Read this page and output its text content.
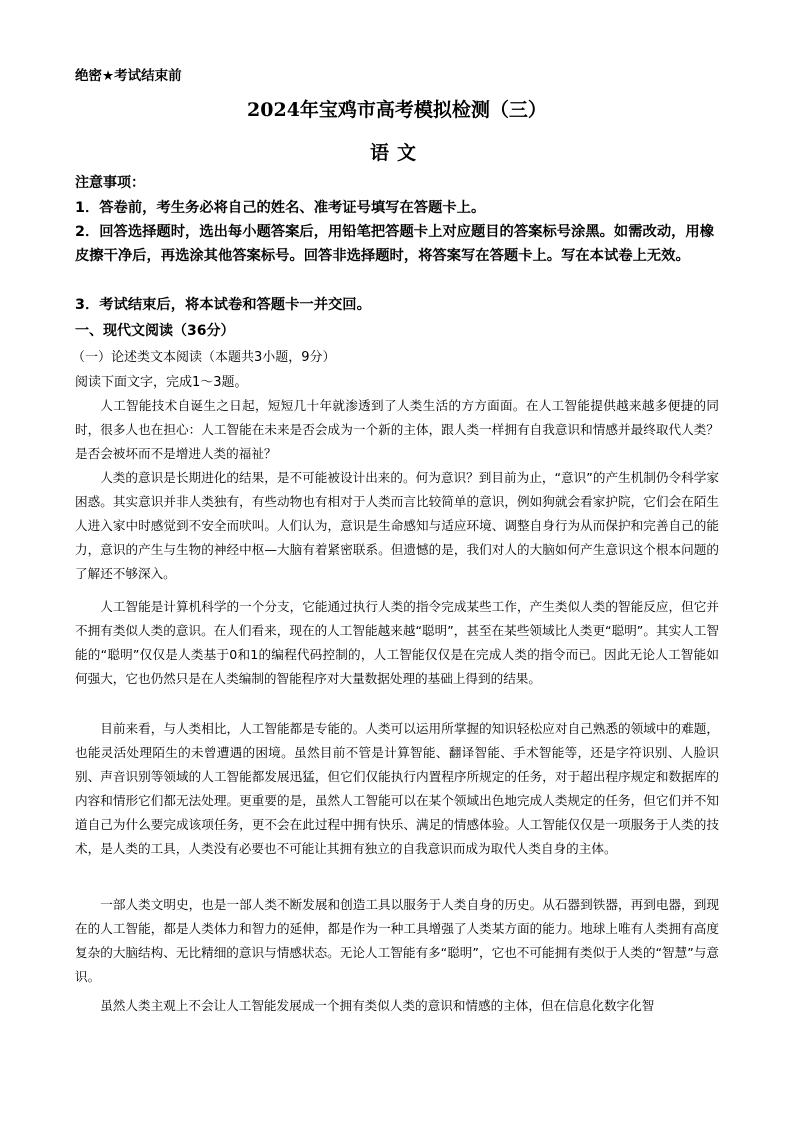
绝密★考试结束前
2024年宝鸡市高考模拟检测（三）
语文
注意事项：
1．答卷前，考生务必将自己的姓名、准考证号填写在答题卡上。
2．回答选择题时，选出每小题答案后，用铅笔把答题卡上对应题目的答案标号涂黑。如需改动，用橡皮擦干净后，再选涂其他答案标号。回答非选择题时，将答案写在答题卡上。写在本试卷上无效。
3．考试结束后，将本试卷和答题卡一并交回。
一、现代文阅读（36分）
（一）论述类文本阅读（本题共3小题，9分）
阅读下面文字，完成1～3题。

人工智能技术自诞生之日起，短短几十年就渗透到了人类生活的方方面面。在人工智能提供越来越多便捷的同时，很多人也在担心：人工智能在未来是否会成为一个新的主体，跟人类一样拥有自我意识和情感并最终取代人类？是否会被坏而不是增进人类的福祉？

人类的意识是长期进化的结果，是不可能被设计出来的。何为意识？到目前为止，“意识”的产生机制仍令科学家困惑。其实意识并非人类独有，有些动物也有相对于人类而言比较简单的意识，例如狗就会看家护院，它们会在陌生人进入家中时感觉到不安全而吠叫。人们认为，意识是生命感知与适应环境、调整自身行为从而保护和完善自己的能力，意识的产生与生物的神经中枢—大脑有着紧密联系。但遗憾的是，我们对人的大脑如何产生意识这个根本问题的了解还不够深入。

人工智能是计算机科学的一个分支，它能通过执行人类的指令完成某些工作，产生类似人类的智能反应，但它并不拥有类似人类的意识。在人们看来，现在的人工智能越来越“聪明”，甚至在某些领域比人类更“聪明”。其实人工智能的“聪明”仅仅是人类基于0和1的编程代码控制的，人工智能仅仅是在完成人类的指令而已。因此无论人工智能如何强大，它也仍然只是在人类编制的智能程序对大量数据处理的基础上得到的结果。

目前来看，与人类相比，人工智能都是专能的。人类可以运用所掌握的知识轻松应对自己熟悉的领域中的难题，也能灵活处理陌生的未曾遭遇的困境。虽然目前不管是计算智能、翻译智能、手术智能等，还是字符识别、人脸识别、声音识别等领域的人工智能都发展迅猛，但它们仅能执行内置程序所规定的任务，对于超出程序规定和数据库的内容和情形它们都无法处理。更重要的是，虽然人工智能可以在某个领域出色地完成人类规定的任务，但它们并不知道自己为什么要完成该项任务，更不会在此过程中拥有快乐、满足的情感体验。人工智能仅仅是一项服务于人类的技术，是人类的工具，人类没有必要也不可能让其拥有独立的自我意识而成为取代人类自身的主体。

一部人类文明史，也是一部人类不断发展和创造工具以服务于人类自身的历史。从石器到铁器，再到电器，到现在的人工智能，都是人类体力和智力的延伸，都是作为一种工具增强了人类某方面的能力。地球上唯有人类拥有高度复杂的大脑结构、无比精细的意识与情感状态。无论人工智能有多“聪明”，它也不可能拥有类似于人类的“智慧”与意识。

虽然人类主观上不会让人工智能发展成一个拥有类似人类的意识和情感的主体，但在信息化数字化智
